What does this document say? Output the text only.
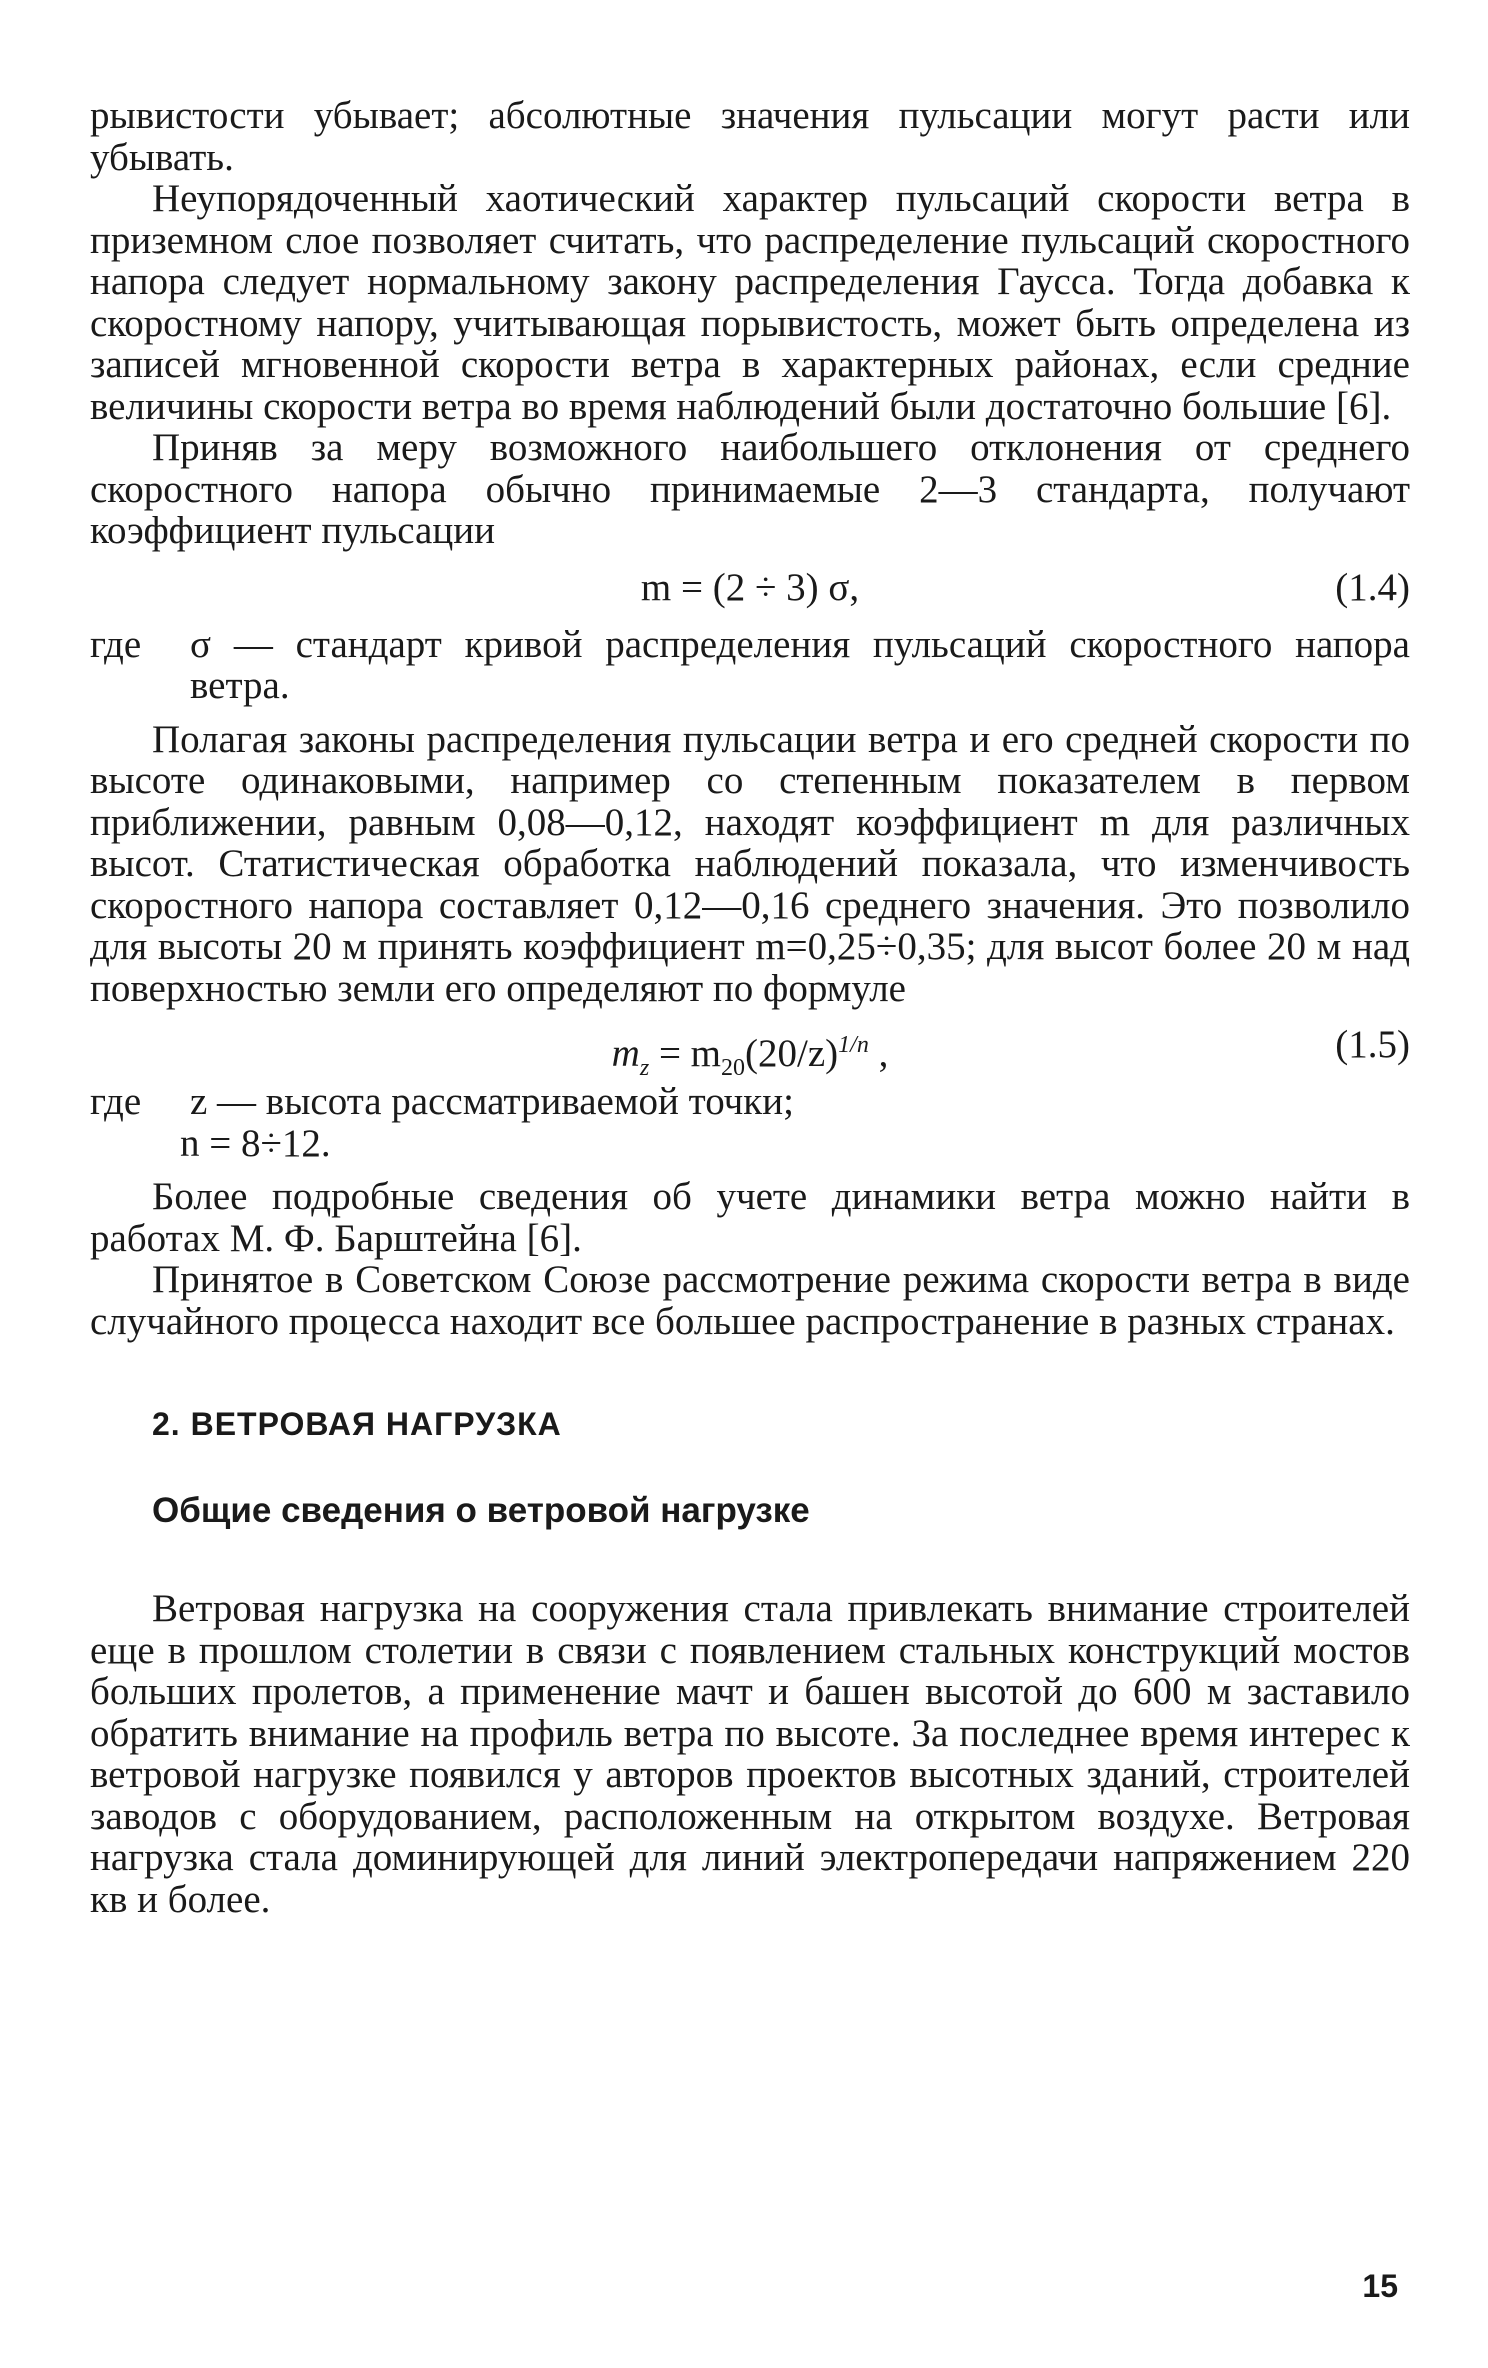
рывистости убывает; абсолютные значения пульсации могут расти или убывать.

Неупорядоченный хаотический характер пульсаций скорости ветра в приземном слое позволяет считать, что распределение пульсаций скоростного напора следует нормальному закону распределения Гаусса. Тогда добавка к скоростному напору, учитывающая порывистость, может быть определена из записей мгновенной скорости ветра в характерных районах, если средние величины скорости ветра во время наблюдений были достаточно большие [6].

Приняв за меру возможного наибольшего отклонения от среднего скоростного напора обычно принимаемые 2—3 стандарта, получают коэффициент пульсации

m = (2 ÷ 3) σ,	(1.4)
где	σ — стандарт кривой распределения пульсаций скоростного напора ветра.

Полагая законы распределения пульсации ветра и его средней скорости по высоте одинаковыми, например со степенным показателем в первом приближении, равным 0,08—0,12, находят коэффициент m для различных высот. Статистическая обработка наблюдений показала, что изменчивость скоростного напора составляет 0,12—0,16 среднего значения. Это позволило для высоты 20 м принять коэффициент m=0,25÷0,35; для высот более 20 м над поверхностью земли его определяют по формуле

$m_z = m_{20}(20/z)^{1/n}$ ,	(1.5)
где	z — высота рассматриваемой точки;
n = 8÷12.

Более подробные сведения об учете динамики ветра можно найти в работах М. Ф. Барштейна [6].

Принятое в Советском Союзе рассмотрение режима скорости ветра в виде случайного процесса находит все большее распространение в разных странах.

2. ВЕТРОВАЯ НАГРУЗКА
Общие сведения о ветровой нагрузке

Ветровая нагрузка на сооружения стала привлекать внимание строителей еще в прошлом столетии в связи с появлением стальных конструкций мостов больших пролетов, а применение мачт и башен высотой до 600 м заставило обратить внимание на профиль ветра по высоте. За последнее время интерес к ветровой нагрузке появился у авторов проектов высотных зданий, строителей заводов с оборудованием, расположенным на открытом воздухе. Ветровая нагрузка стала доминирующей для линий электропередачи напряжением 220 кв и более.

15
